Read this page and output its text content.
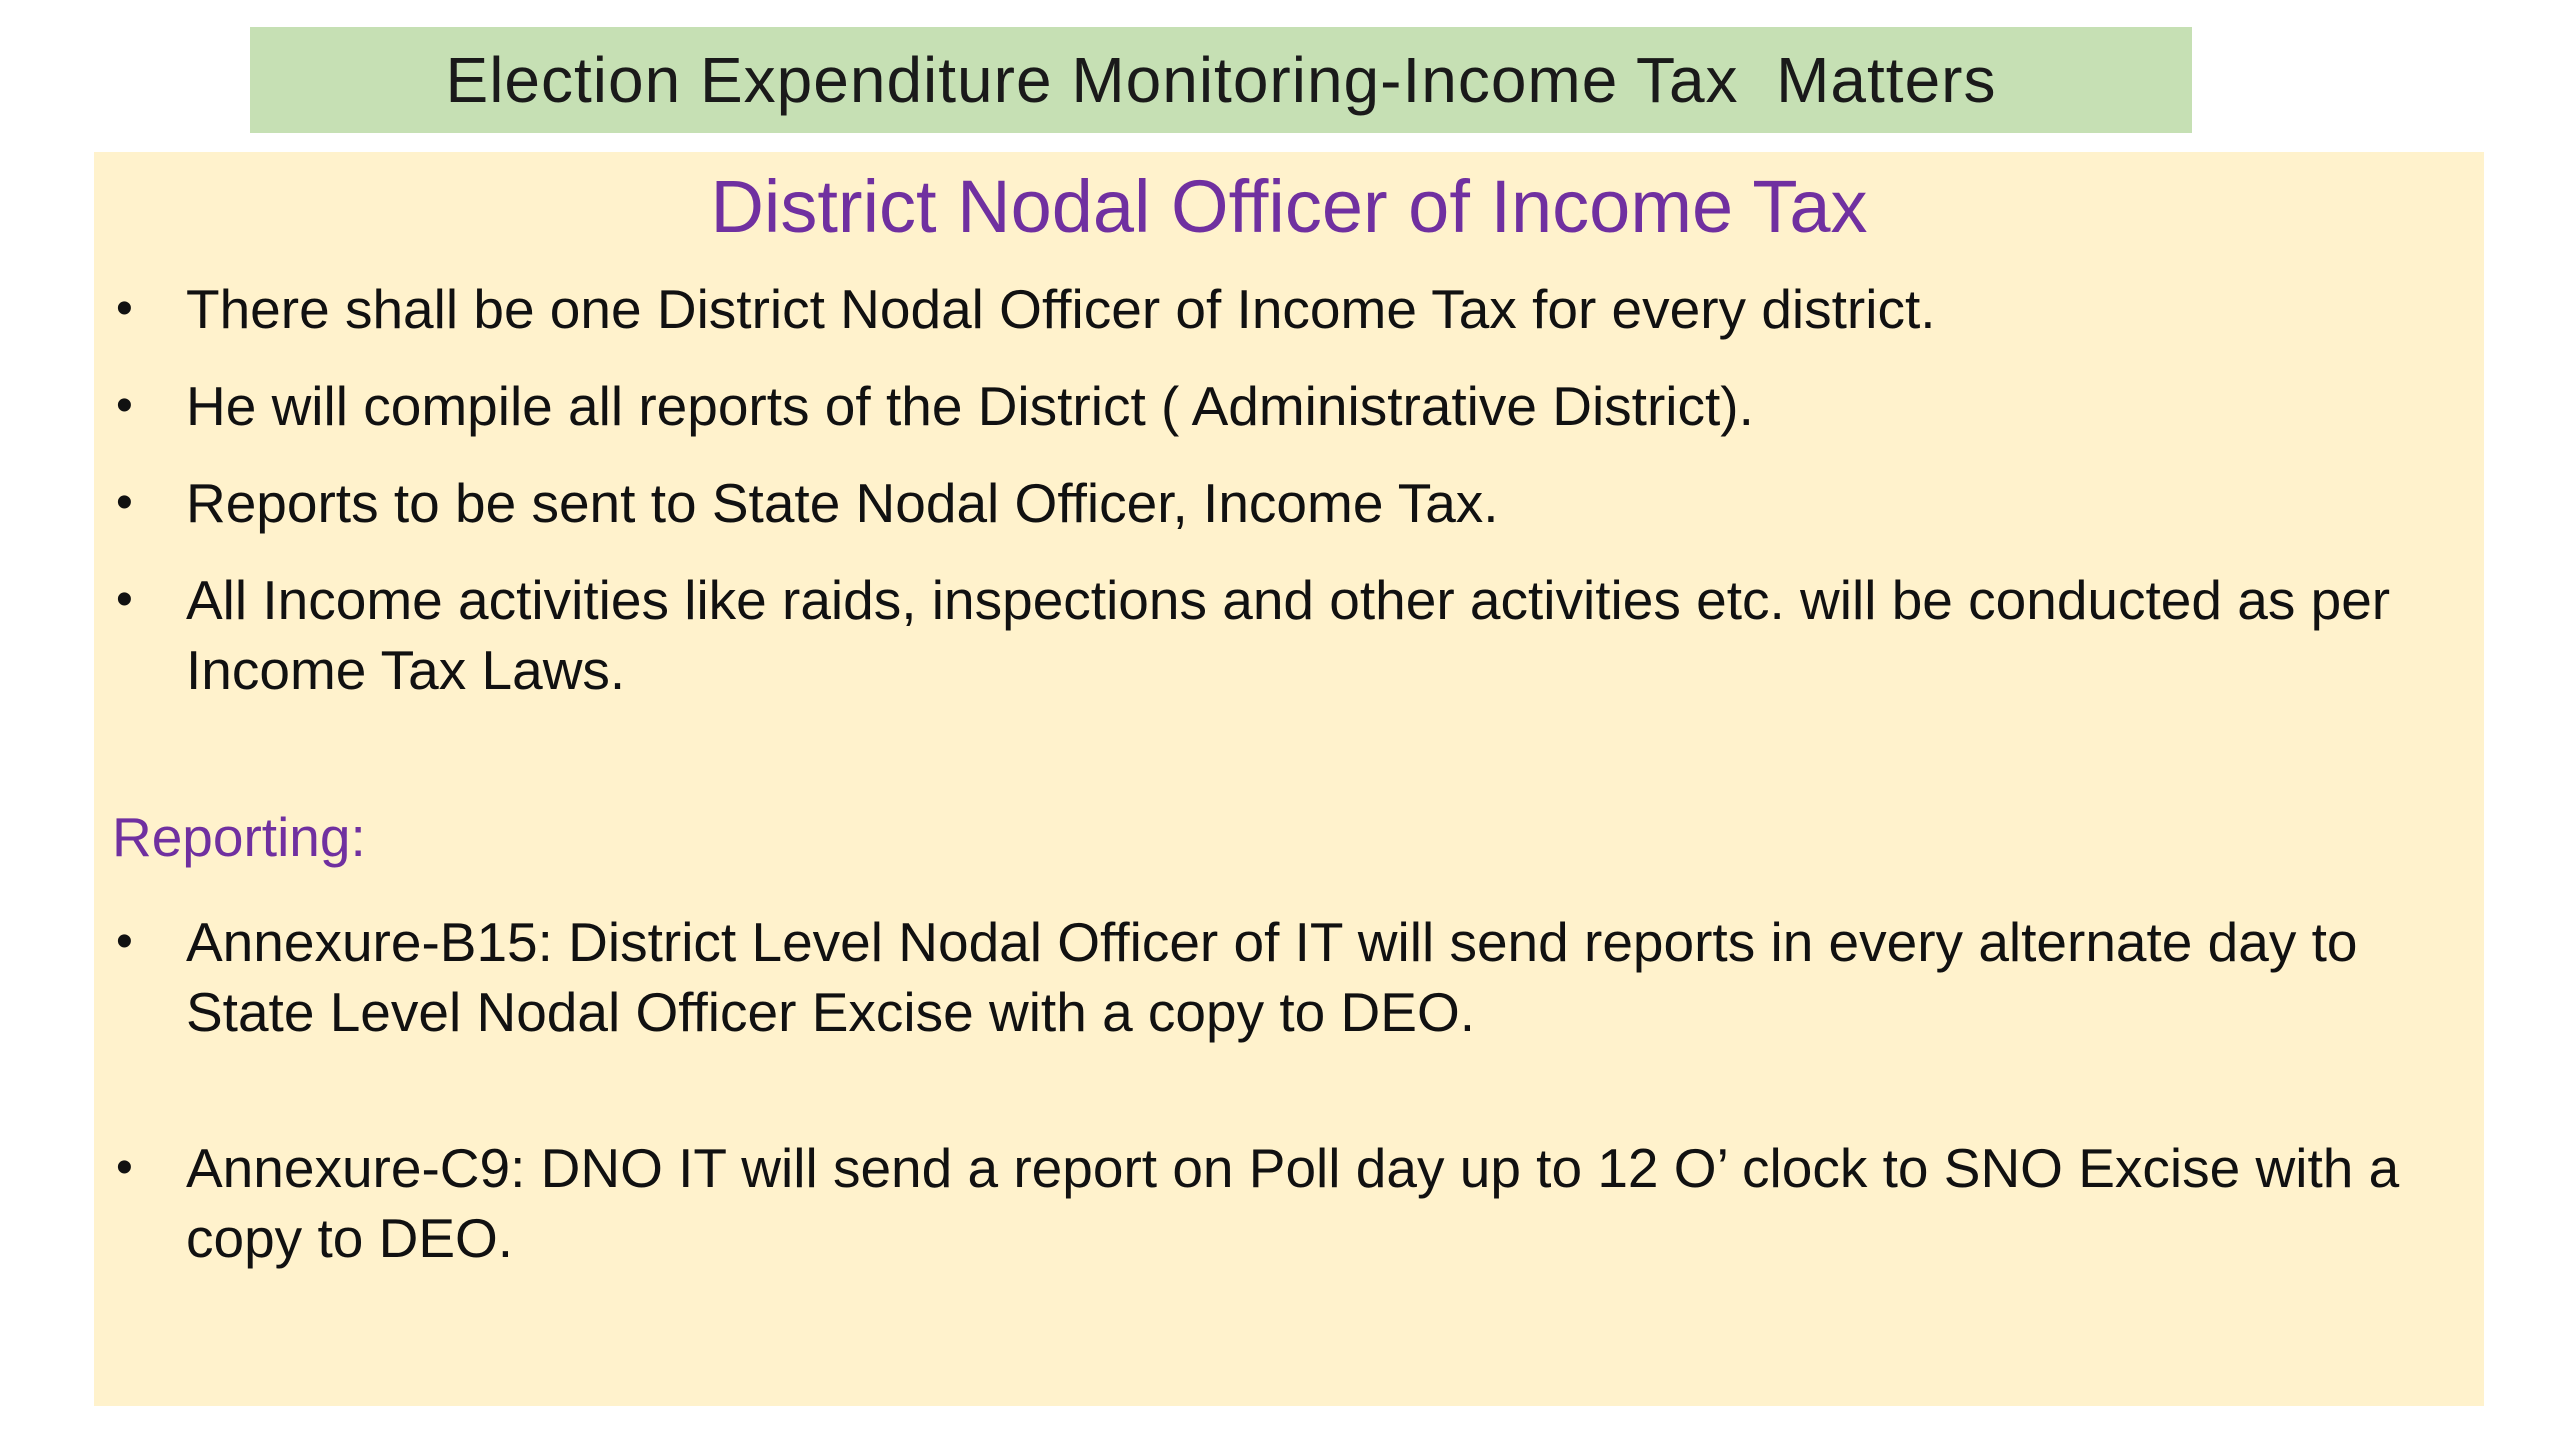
Election Expenditure Monitoring-Income Tax  Matters
District Nodal Officer of Income Tax
• There shall be one District Nodal Officer of Income Tax for every district.
• He will compile all reports of the District ( Administrative District).
• Reports to be sent to State Nodal Officer, Income Tax.
• All Income activities like raids, inspections and other activities etc. will be conducted as per Income Tax Laws.
Reporting:
• Annexure-B15: District Level Nodal Officer of IT will send reports in every alternate day to State Level Nodal Officer Excise with a copy to DEO.
• Annexure-C9: DNO IT will send a report on Poll day up to 12 O’ clock to SNO Excise with a copy to DEO.
